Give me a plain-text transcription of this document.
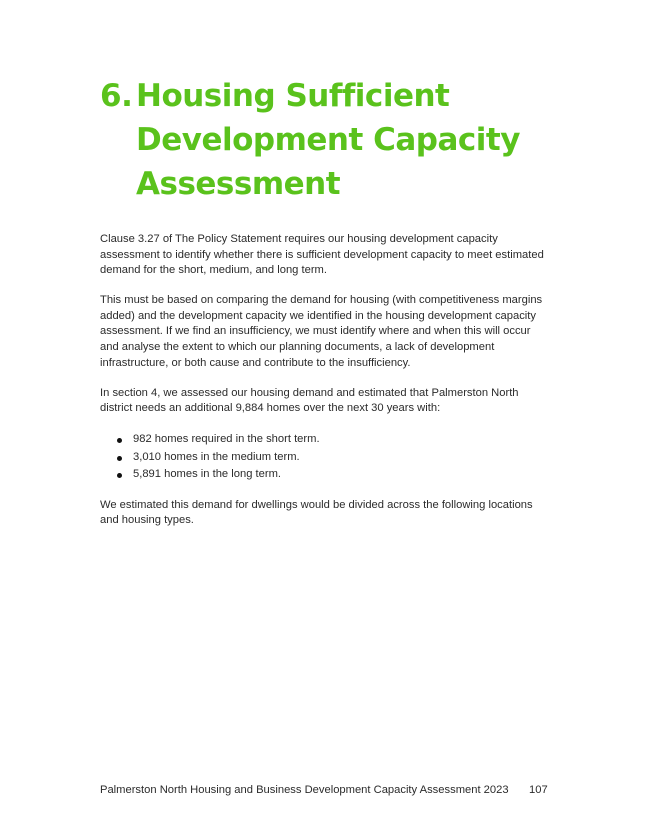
6. Housing Sufficient
Development Capacity
Assessment

Clause 3.27 of The Policy Statement requires our housing development capacity assessment to identify whether there is sufficient development capacity to meet estimated demand for the short, medium, and long term.

This must be based on comparing the demand for housing (with competitiveness margins added) and the development capacity we identified in the housing development capacity assessment. If we find an insufficiency, we must identify where and when this will occur and analyse the extent to which our planning documents, a lack of development infrastructure, or both cause and contribute to the insufficiency.

In section 4, we assessed our housing demand and estimated that Palmerston North district needs an additional 9,884 homes over the next 30 years with:

982 homes required in the short term.
3,010 homes in the medium term.
5,891 homes in the long term.

We estimated this demand for dwellings would be divided across the following locations and housing types.

Palmerston North Housing and Business Development Capacity Assessment 2023 107
